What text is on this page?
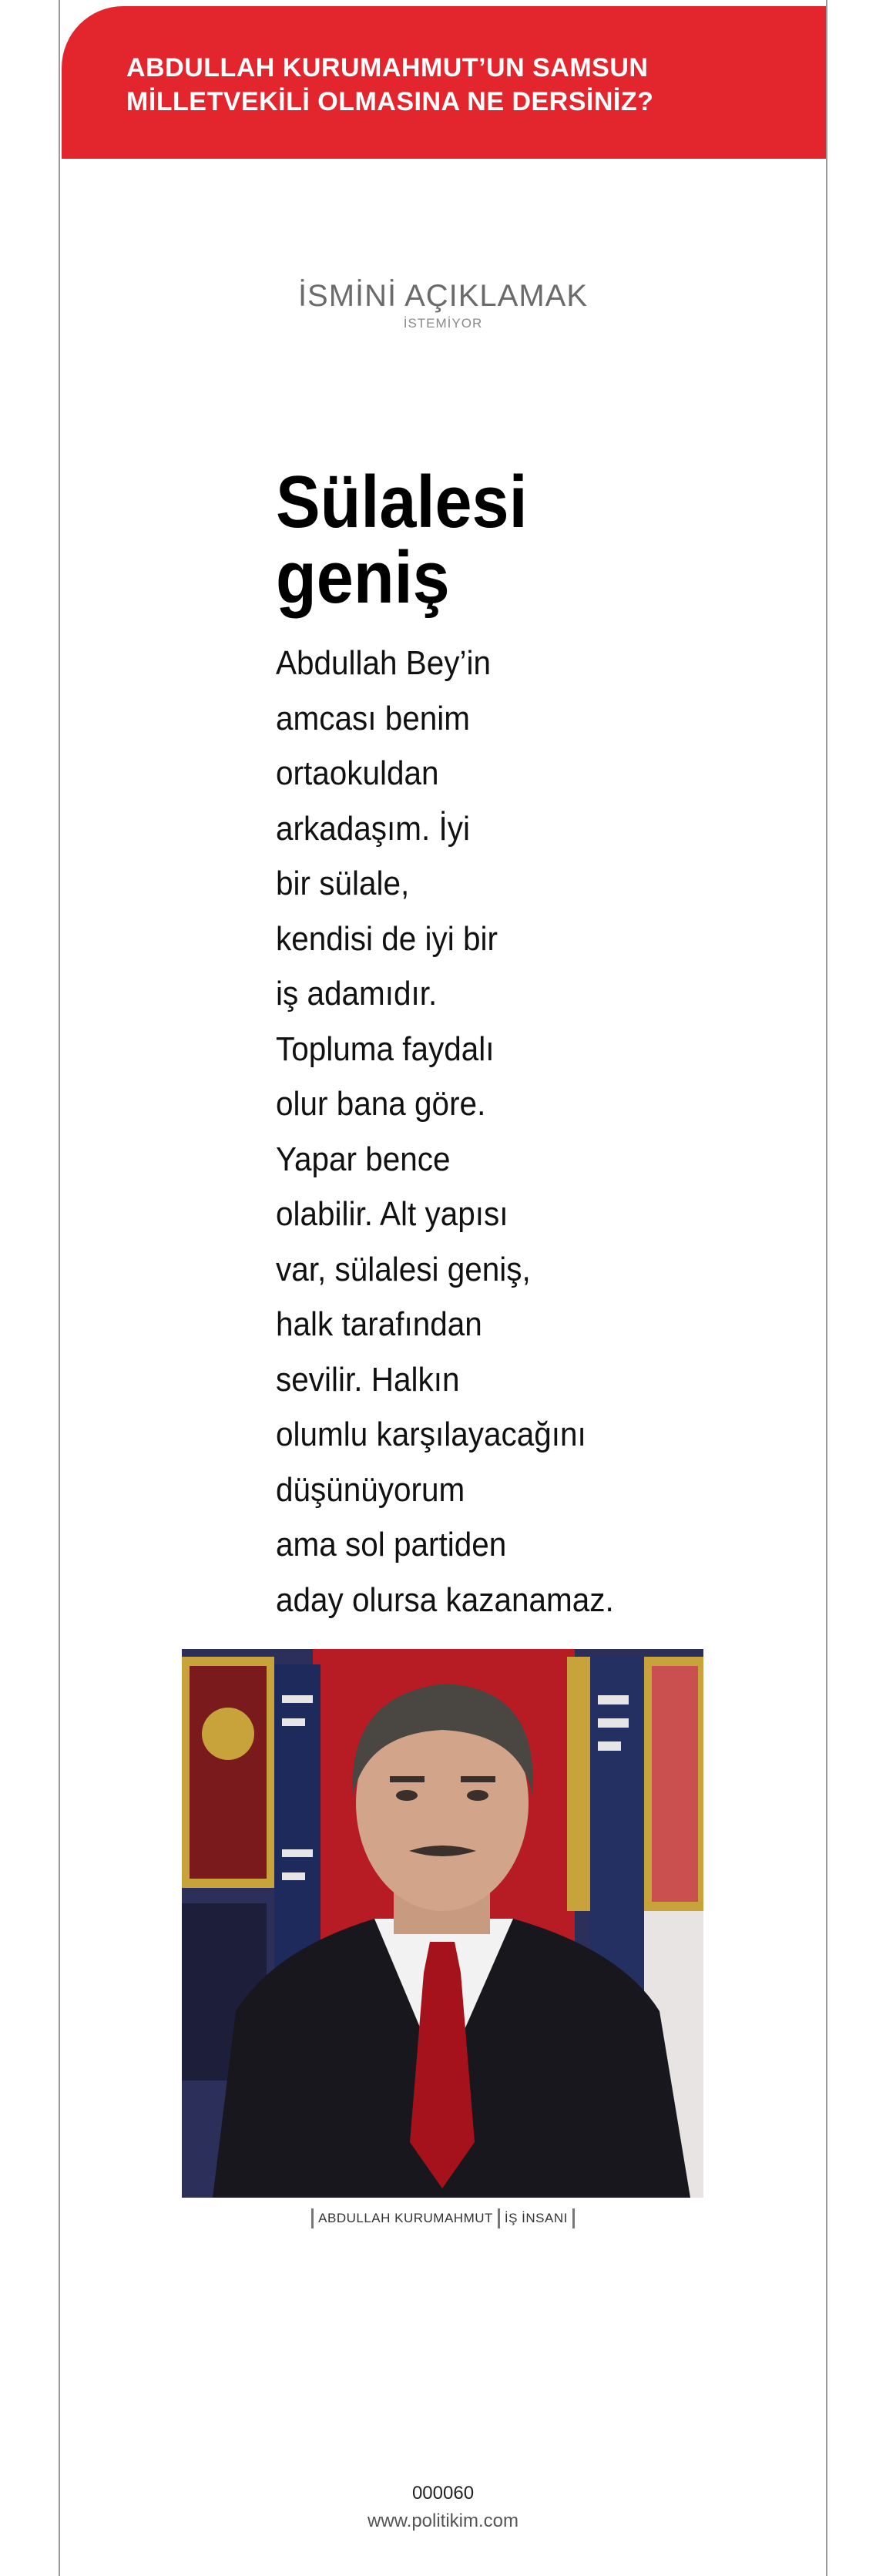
ABDULLAH KURUMAHMUT’UN SAMSUN
MİLLETVEKİLİ OLMASINA NE DERSİNİZ?
İSMİNİ AÇIKLAMAK
İSTEMİYOR
Sülalesi
geniş
Abdullah Bey’in
amcası benim
ortaokuldan
arkadaşım. İyi
bir sülale,
kendisi de iyi bir
iş adamıdır.
Topluma faydalı
olur bana göre.
Yapar bence
olabilir. Alt yapısı
var, sülalesi geniş,
halk tarafından
sevilir. Halkın
olumlu karşılayacağını
düşünüyorum
ama sol partiden
aday olursa kazanamaz.
ABDULLAH KURUMAHMUT İŞ İNSANI
000060
www.politikim.com
